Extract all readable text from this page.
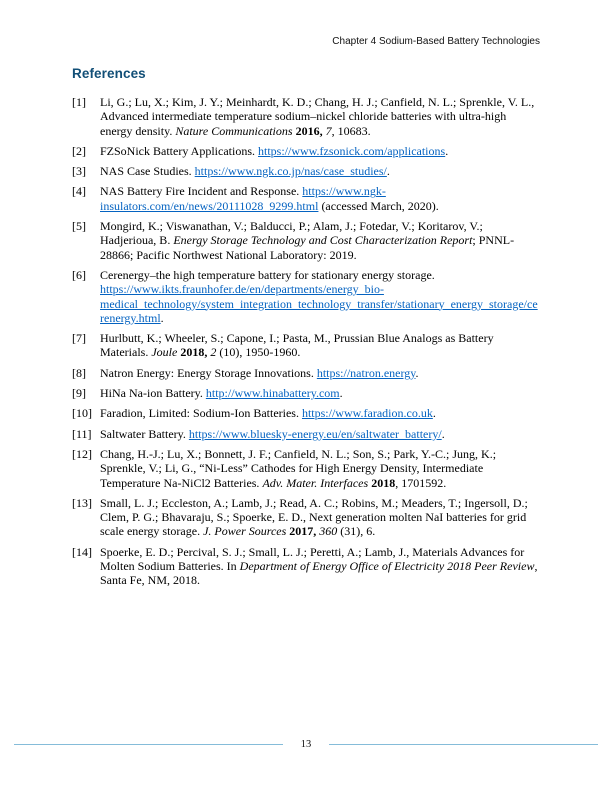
Chapter 4 Sodium-Based Battery Technologies
References
[1]	Li, G.; Lu, X.; Kim, J. Y.; Meinhardt, K. D.; Chang, H. J.; Canfield, N. L.; Sprenkle, V. L., Advanced intermediate temperature sodium–nickel chloride batteries with ultra-high energy density. Nature Communications 2016, 7, 10683.
[2]	FZSoNick Battery Applications. https://www.fzsonick.com/applications.
[3]	NAS Case Studies. https://www.ngk.co.jp/nas/case_studies/.
[4]	NAS Battery Fire Incident and Response. https://www.ngk-insulators.com/en/news/20111028_9299.html (accessed March, 2020).
[5]	Mongird, K.; Viswanathan, V.; Balducci, P.; Alam, J.; Fotedar, V.; Koritarov, V.; Hadjerioua, B. Energy Storage Technology and Cost Characterization Report; PNNL-28866; Pacific Northwest National Laboratory: 2019.
[6]	Cerenergy–the high temperature battery for stationary energy storage. https://www.ikts.fraunhofer.de/en/departments/energy_bio-medical_technology/system_integration_technology_transfer/stationary_energy_storage/cerenergy.html.
[7]	Hurlbutt, K.; Wheeler, S.; Capone, I.; Pasta, M., Prussian Blue Analogs as Battery Materials. Joule 2018, 2 (10), 1950-1960.
[8]	Natron Energy: Energy Storage Innovations. https://natron.energy.
[9]	HiNa Na-ion Battery. http://www.hinabattery.com.
[10] Faradion, Limited: Sodium-Ion Batteries. https://www.faradion.co.uk.
[11] Saltwater Battery. https://www.bluesky-energy.eu/en/saltwater_battery/.
[12] Chang, H.-J.; Lu, X.; Bonnett, J. F.; Canfield, N. L.; Son, S.; Park, Y.-C.; Jung, K.; Sprenkle, V.; Li, G., “Ni-Less” Cathodes for High Energy Density, Intermediate Temperature Na-NiCl2 Batteries. Adv. Mater. Interfaces 2018, 1701592.
[13] Small, L. J.; Eccleston, A.; Lamb, J.; Read, A. C.; Robins, M.; Meaders, T.; Ingersoll, D.; Clem, P. G.; Bhavaraju, S.; Spoerke, E. D., Next generation molten NaI batteries for grid scale energy storage. J. Power Sources 2017, 360 (31), 6.
[14] Spoerke, E. D.; Percival, S. J.; Small, L. J.; Peretti, A.; Lamb, J., Materials Advances for Molten Sodium Batteries. In Department of Energy Office of Electricity 2018 Peer Review, Santa Fe, NM, 2018.
13
